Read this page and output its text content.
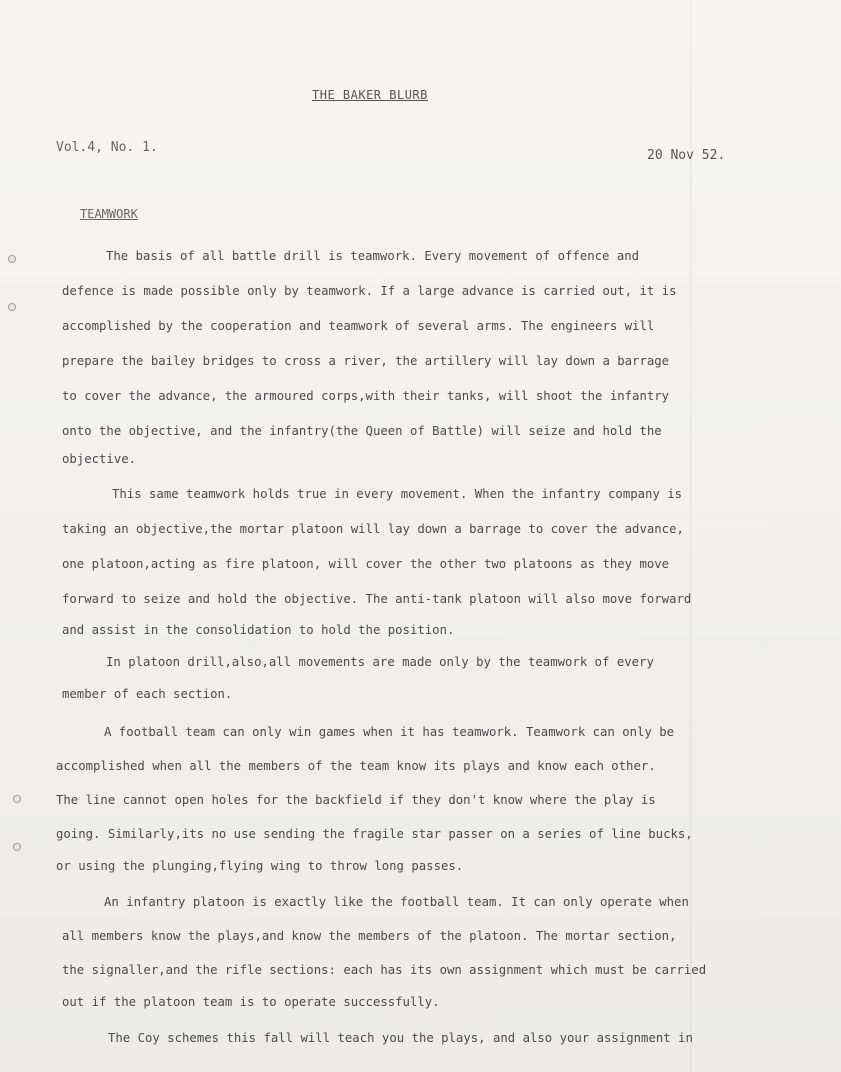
THE BAKER BLURB
Vol.4, No. 1.
20 Nov 52.
TEAMWORK
The basis of all battle drill is teamwork. Every movement of offence and
defence is made possible only by teamwork. If a large advance is carried out, it is
accomplished by the cooperation and teamwork of several arms. The engineers will
prepare the bailey bridges to cross a river, the artillery will lay down a barrage
to cover the advance, the armoured corps,with their tanks, will shoot the infantry
onto the objective, and the infantry(the Queen of Battle) will seize and hold the
objective.
This same teamwork holds true in every movement. When the infantry company is
taking an objective,the mortar platoon will lay down a barrage to cover the advance,
one platoon,acting as fire platoon, will cover the other two platoons as they move
forward to seize and hold the objective. The anti-tank platoon will also move forward
and assist in the consolidation to hold the position.
In platoon drill,also,all movements are made only by the teamwork of every
member of each section.
A football team can only win games when it has teamwork. Teamwork can only be
accomplished when all the members of the team know its plays and know each other.
The line cannot open holes for the backfield if they don't know where the play is
going. Similarly,its no use sending the fragile star passer on a series of line bucks,
or using the plunging,flying wing to throw long passes.
An infantry platoon is exactly like the football team. It can only operate when
all members know the plays,and know the members of the platoon. The mortar section,
the signaller,and the rifle sections: each has its own assignment which must be carried
out if the platoon team is to operate successfully.
The Coy schemes this fall will teach you the plays, and also your assignment in
